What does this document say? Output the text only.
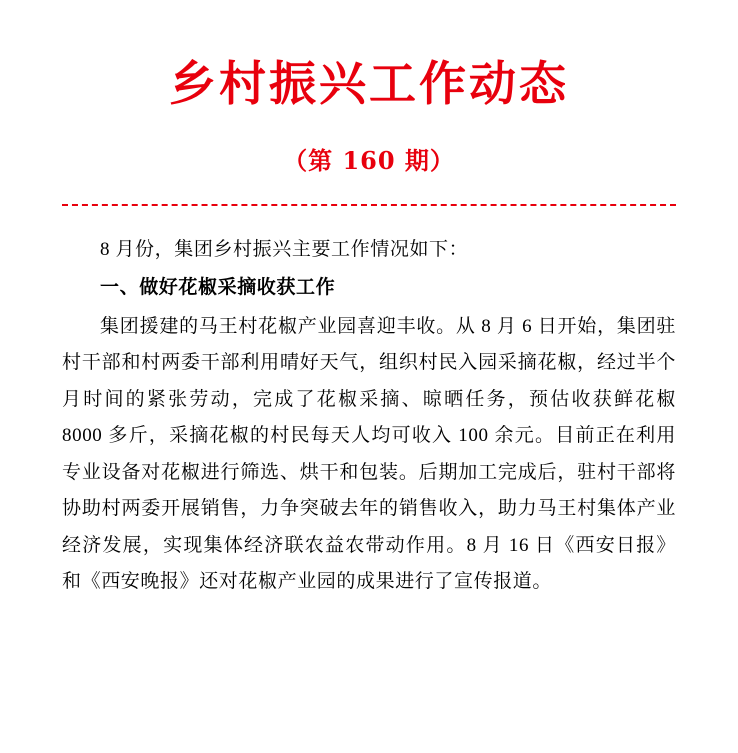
乡村振兴工作动态
（第 160 期）

8 月份，集团乡村振兴主要工作情况如下：

一、做好花椒采摘收获工作

集团援建的马王村花椒产业园喜迎丰收。从 8 月 6 日开始，集团驻村干部和村两委干部利用晴好天气，组织村民入园采摘花椒，经过半个月时间的紧张劳动，完成了花椒采摘、晾晒任务，预估收获鲜花椒 8000 多斤，采摘花椒的村民每天人均可收入 100 余元。目前正在利用专业设备对花椒进行筛选、烘干和包装。后期加工完成后，驻村干部将协助村两委开展销售，力争突破去年的销售收入，助力马王村集体产业经济发展，实现集体经济联农益农带动作用。8 月 16 日《西安日报》和《西安晚报》还对花椒产业园的成果进行了宣传报道。
